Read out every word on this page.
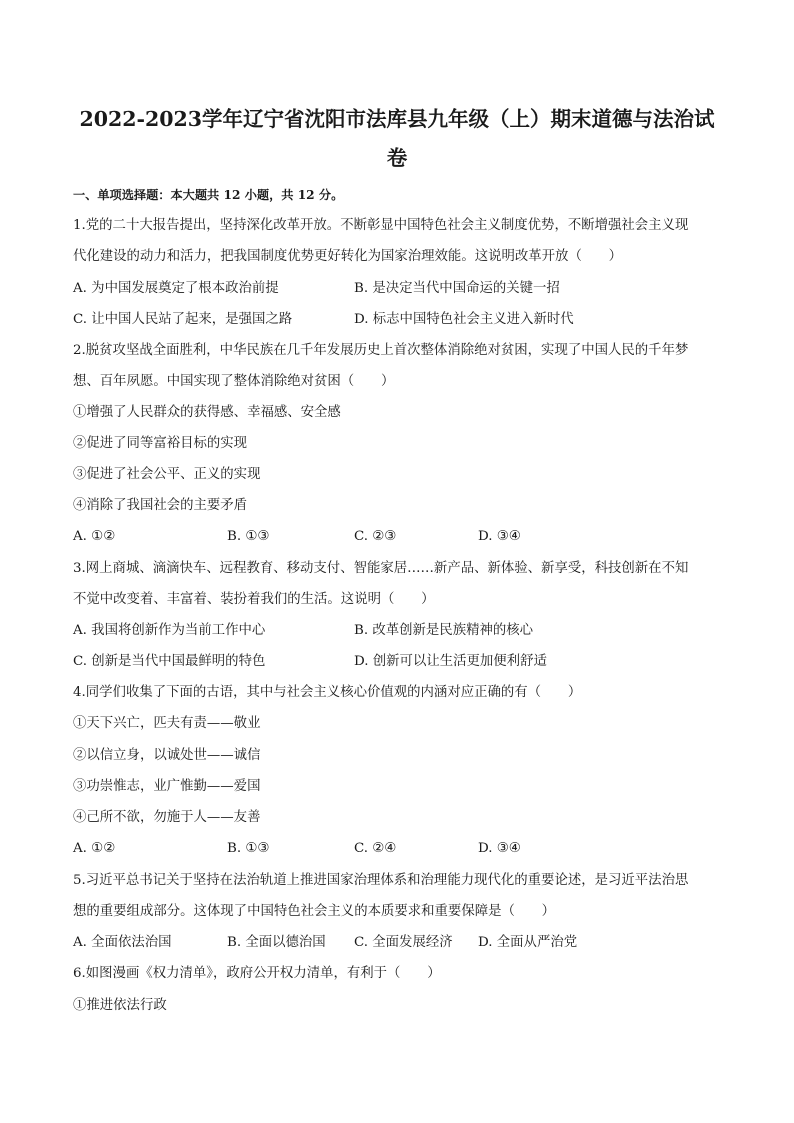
2022-2023学年辽宁省沈阳市法库县九年级（上）期末道德与法治试
卷
一、单项选择题：本大题共 12 小题，共 12 分。
1.党的二十大报告提出，坚持深化改革开放。不断彰显中国特色社会主义制度优势，不断增强社会主义现
代化建设的动力和活力，把我国制度优势更好转化为国家治理效能。这说明改革开放（　　）
A. 为中国发展奠定了根本政治前提	B. 是决定当代中国命运的关键一招
C. 让中国人民站了起来，是强国之路	D. 标志中国特色社会主义进入新时代
2.脱贫攻坚战全面胜利，中华民族在几千年发展历史上首次整体消除绝对贫困，实现了中国人民的千年梦
想、百年夙愿。中国实现了整体消除绝对贫困（　　）
①增强了人民群众的获得感、幸福感、安全感
②促进了同等富裕目标的实现
③促进了社会公平、正义的实现
④消除了我国社会的主要矛盾
A. ①②	B. ①③	C. ②③	D. ③④
3.网上商城、滴滴快车、远程教育、移动支付、智能家居……新产品、新体验、新享受，科技创新在不知
不觉中改变着、丰富着、装扮着我们的生活。这说明（　　）
A. 我国将创新作为当前工作中心	B. 改革创新是民族精神的核心
C. 创新是当代中国最鲜明的特色	D. 创新可以让生活更加便利舒适
4.同学们收集了下面的古语，其中与社会主义核心价值观的内涵对应正确的有（　　）
①天下兴亡，匹夫有责——敬业
②以信立身，以诚处世——诚信
③功崇惟志，业广惟勤——爱国
④己所不欲，勿施于人——友善
A. ①②	B. ①③	C. ②④	D. ③④
5.习近平总书记关于坚持在法治轨道上推进国家治理体系和治理能力现代化的重要论述，是习近平法治思
想的重要组成部分。这体现了中国特色社会主义的本质要求和重要保障是（　　）
A. 全面依法治国	B. 全面以德治国 C. 全面发展经济 D. 全面从严治党
6.如图漫画《权力清单》，政府公开权力清单，有利于（　　）
①推进依法行政
